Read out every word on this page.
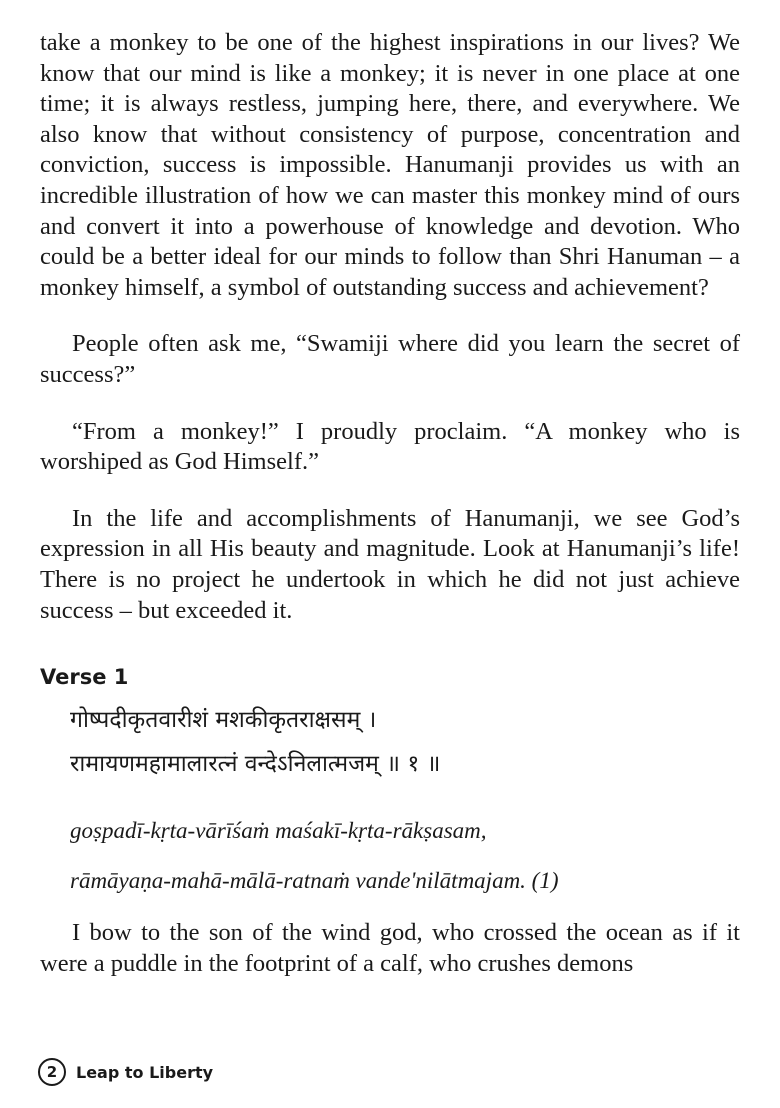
take a monkey to be one of the highest inspirations in our lives? We know that our mind is like a monkey; it is never in one place at one time; it is always restless, jumping here, there, and everywhere. We also know that without consistency of purpose, concentration and conviction, success is impossible. Hanumanji provides us with an incredible illustration of how we can master this monkey mind of ours and convert it into a powerhouse of knowledge and devotion. Who could be a better ideal for our minds to follow than Shri Hanuman – a monkey himself, a symbol of outstanding success and achievement?

People often ask me, “Swamiji where did you learn the secret of success?”

“From a monkey!” I proudly proclaim. “A monkey who is worshiped as God Himself.”

In the life and accomplishments of Hanumanji, we see God’s expression in all His beauty and magnitude. Look at Hanumanji’s life! There is no project he undertook in which he did not just achieve success – but exceeded it.

Verse 1
गोष्पदीकृतवारीशं मशकीकृतराक्षसम् ।
रामायणमहामालारत्नं वन्देऽनिलात्मजम् ॥ १ ॥
goṣpadī-kṛta-vārīśaṁ maśakī-kṛta-rākṣasam,
rāmāyaṇa-mahā-mālā-ratnaṁ vande'nilātmajam. (1)

I bow to the son of the wind god, who crossed the ocean as if it were a puddle in the footprint of a calf, who crushes demons

2	Leap to Liberty
